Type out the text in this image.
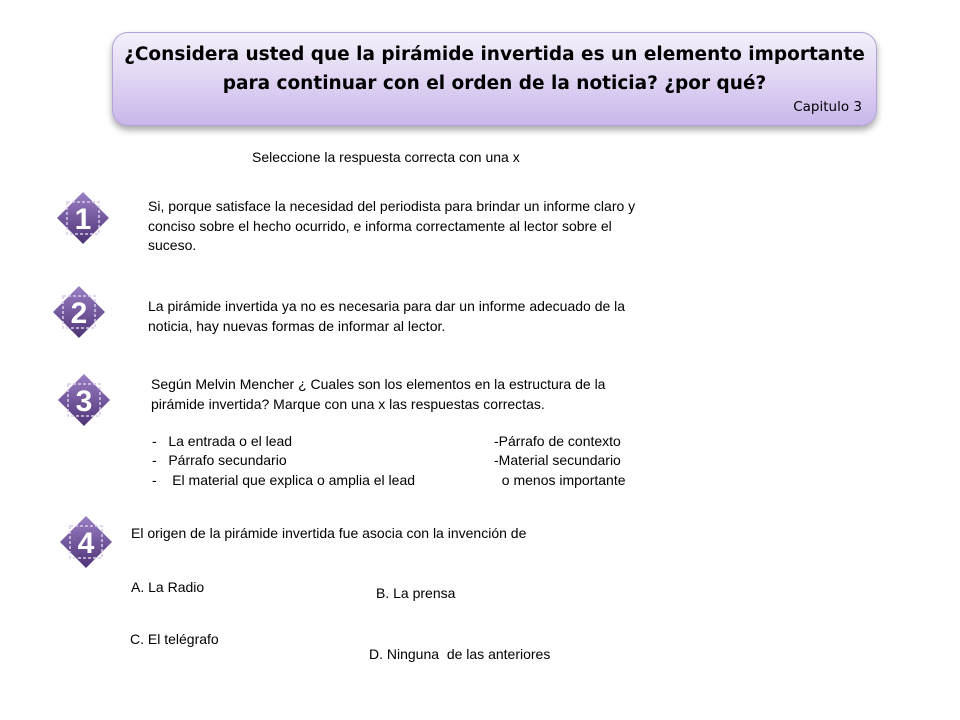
¿Considera usted que la pirámide invertida es un elemento importante
para continuar con el orden de la noticia? ¿por qué?
Capitulo 3
Seleccione la respuesta correcta con una x
1
2
3
4
Si, porque satisface la necesidad del periodista para brindar un informe claro y conciso sobre el hecho ocurrido, e informa correctamente al lector sobre el suceso.
La pirámide invertida ya no es necesaria para dar un informe adecuado de la noticia, hay nuevas formas de informar al lector.
Según Melvin Mencher ¿ Cuales son los elementos en la estructura de la pirámide invertida? Marque con una x las respuestas correctas.
-   La entrada o el lead
-   Párrafo secundario
-    El material que explica o amplia el lead
-Párrafo de contexto
-Material secundario
o menos importante
El origen de la pirámide invertida fue asocia con la invención de
A. La Radio	B. La prensa
C. El telégrafo
D. Ninguna  de las anteriores
